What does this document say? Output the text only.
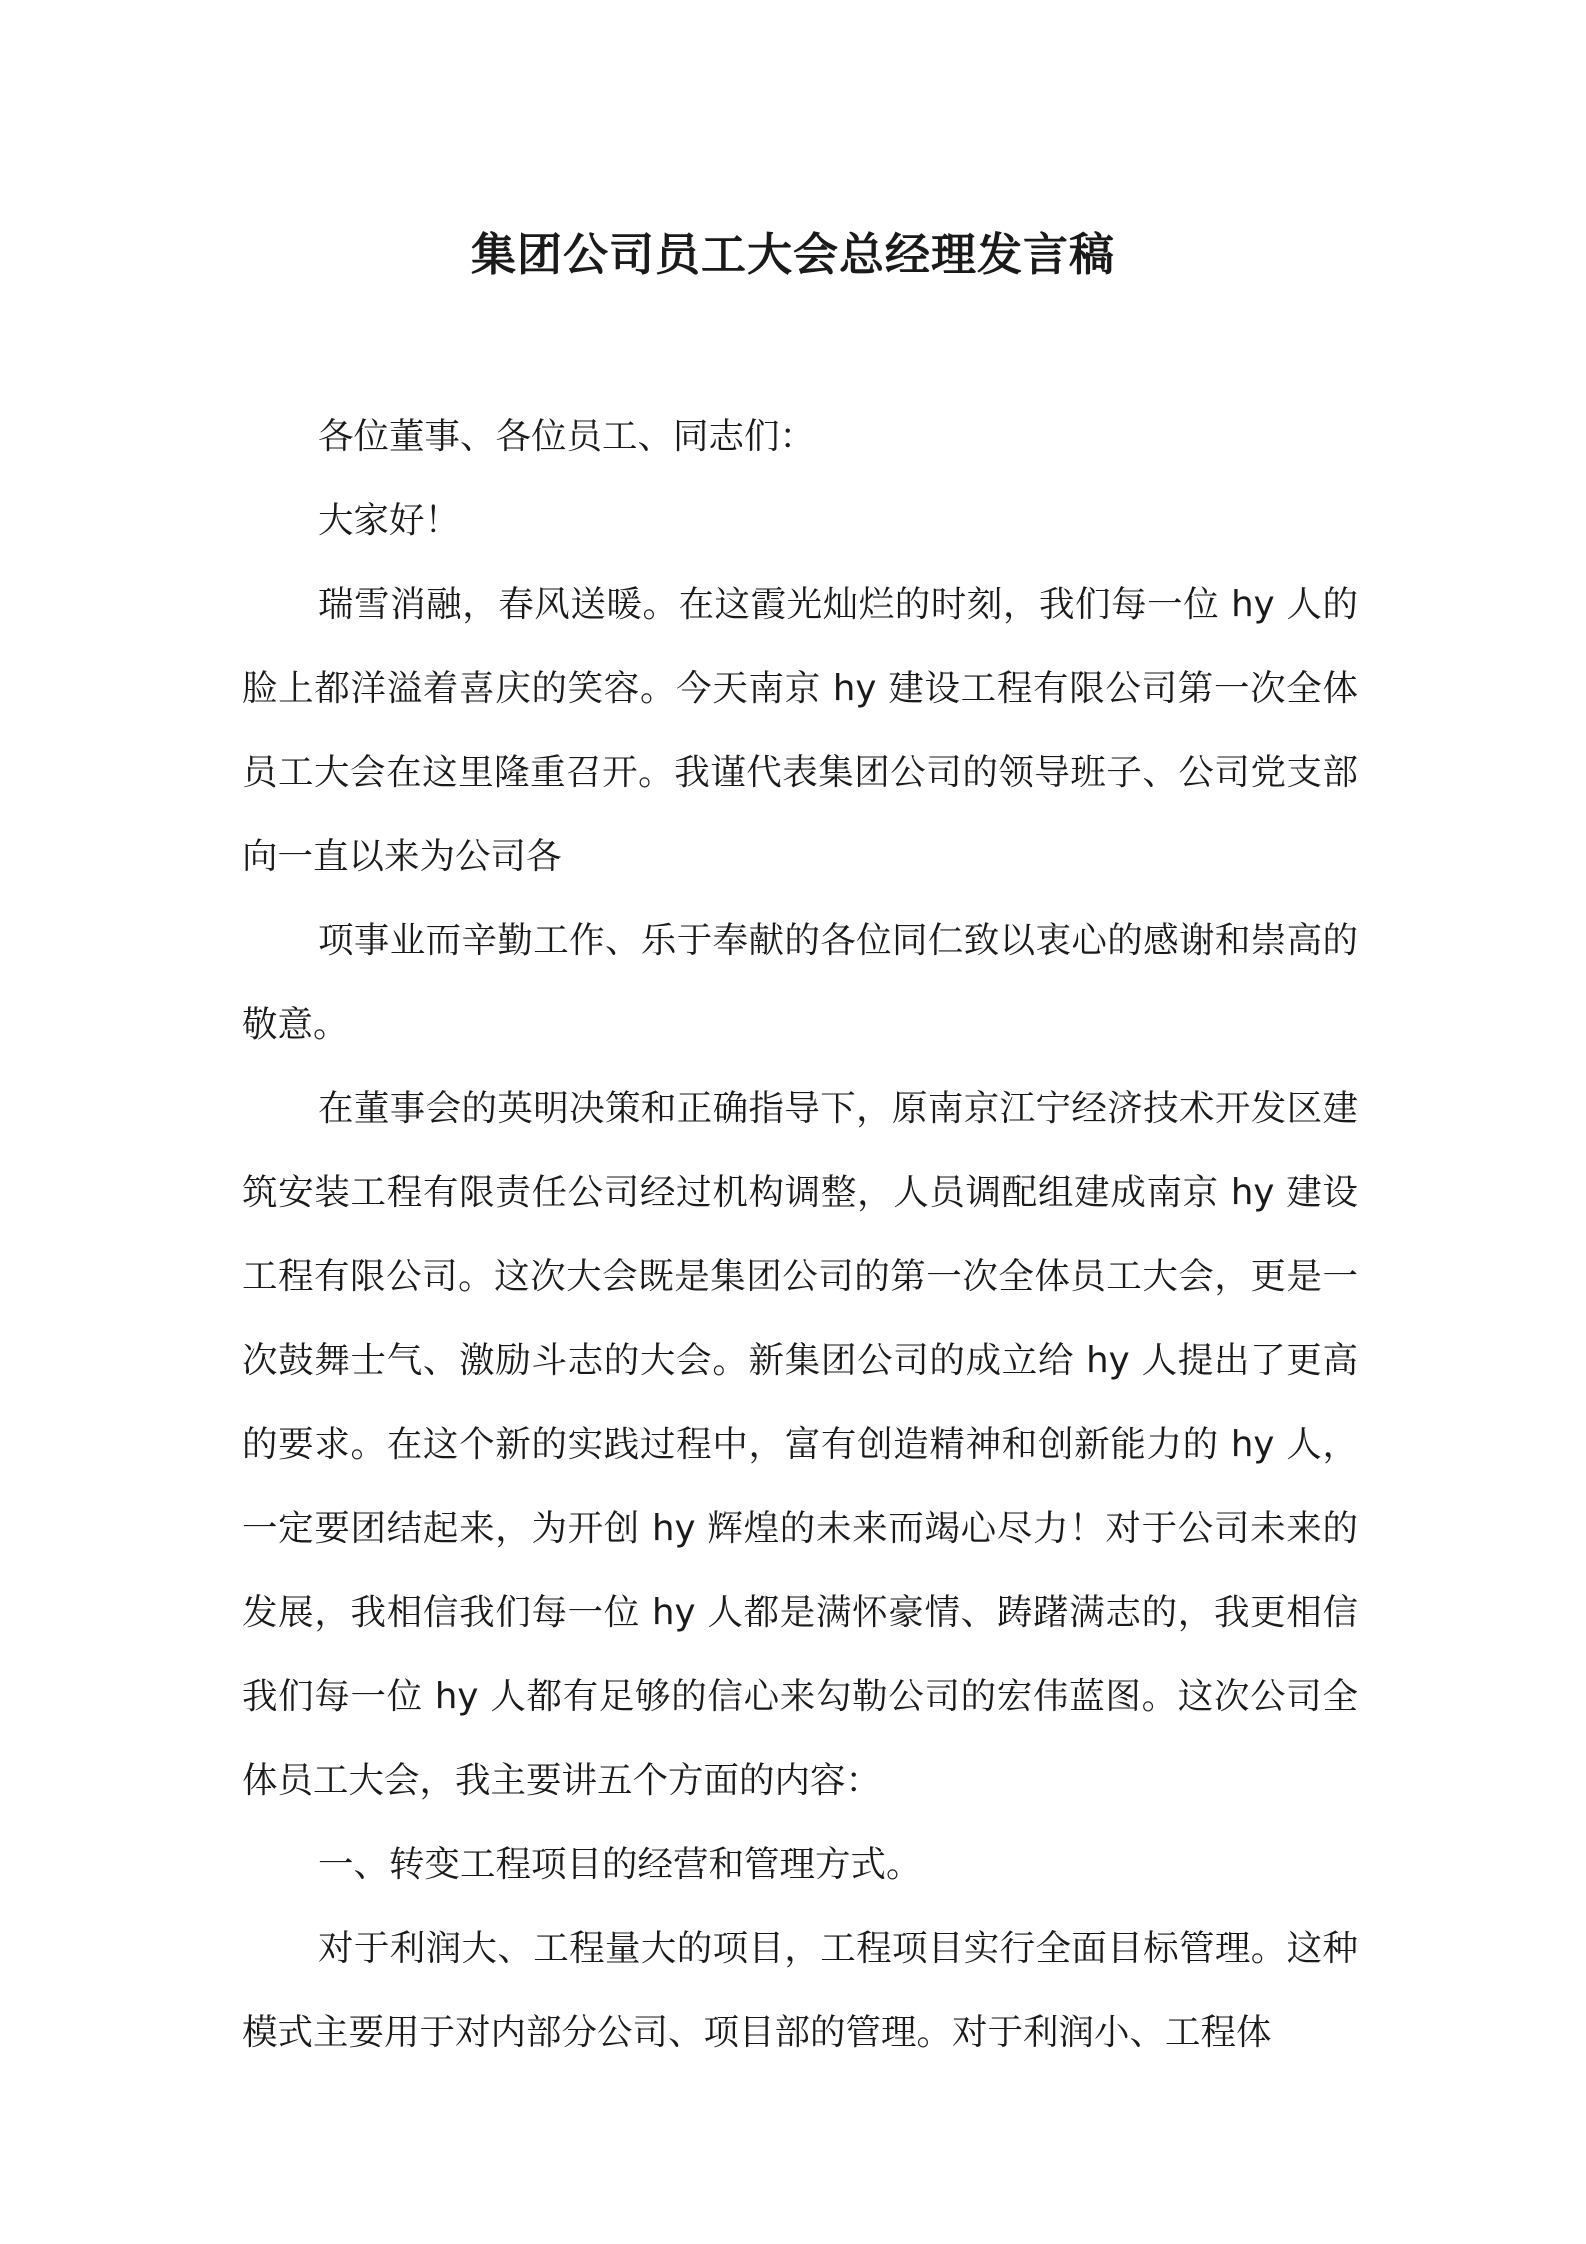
集团公司员工大会总经理发言稿

各位董事、各位员工、同志们：

大家好！

瑞雪消融，春风送暖。在这霞光灿烂的时刻，我们每一位 hy 人的脸上都洋溢着喜庆的笑容。今天南京 hy 建设工程有限公司第一次全体员工大会在这里隆重召开。我谨代表集团公司的领导班子、公司党支部向一直以来为公司各

项事业而辛勤工作、乐于奉献的各位同仁致以衷心的感谢和崇高的敬意。

在董事会的英明决策和正确指导下，原南京江宁经济技术开发区建筑安装工程有限责任公司经过机构调整，人员调配组建成南京 hy 建设工程有限公司。这次大会既是集团公司的第一次全体员工大会，更是一次鼓舞士气、激励斗志的大会。新集团公司的成立给 hy 人提出了更高的要求。在这个新的实践过程中，富有创造精神和创新能力的 hy 人，一定要团结起来，为开创 hy 辉煌的未来而竭心尽力！对于公司未来的发展，我相信我们每一位 hy 人都是满怀豪情、踌躇满志的，我更相信我们每一位 hy 人都有足够的信心来勾勒公司的宏伟蓝图。这次公司全体员工大会，我主要讲五个方面的内容：

一、转变工程项目的经营和管理方式。

对于利润大、工程量大的项目，工程项目实行全面目标管理。这种模式主要用于对内部分公司、项目部的管理。对于利润小、工程体
